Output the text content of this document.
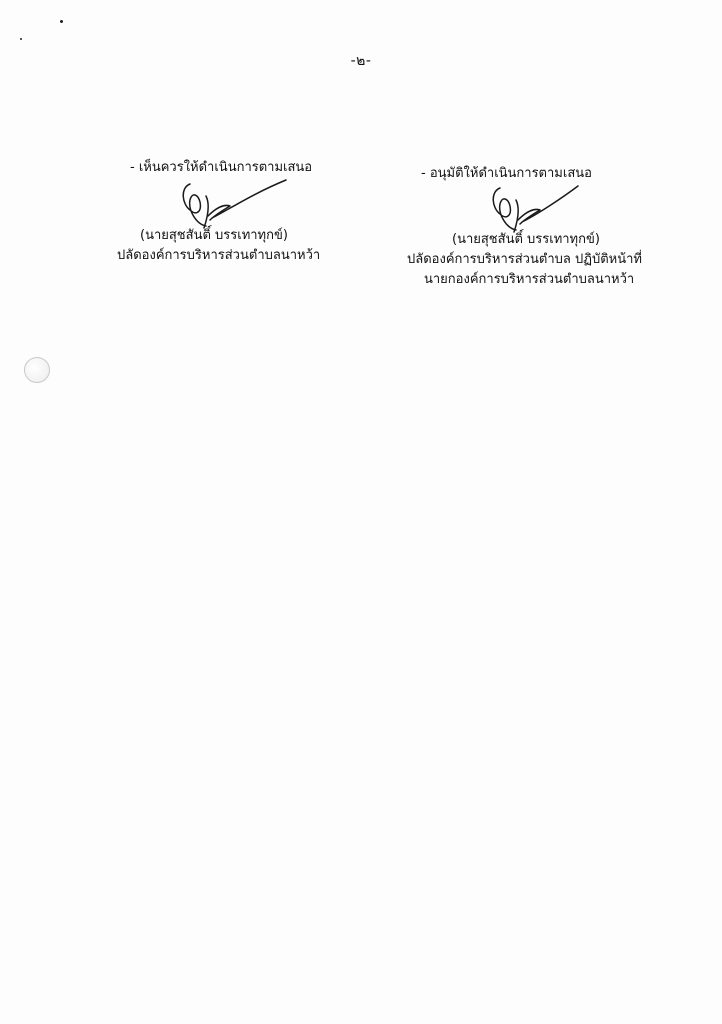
-๒-
- เห็นควรให้ดำเนินการตามเสนอ
(นายสุชสันติ์ บรรเทาทุกข์)
ปลัดองค์การบริหารส่วนตำบลนาหว้า
- อนุมัติให้ดำเนินการตามเสนอ
(นายสุชสันติ์ บรรเทาทุกข์)
ปลัดองค์การบริหารส่วนตำบล ปฏิบัติหน้าที่
นายกองค์การบริหารส่วนตำบลนาหว้า
